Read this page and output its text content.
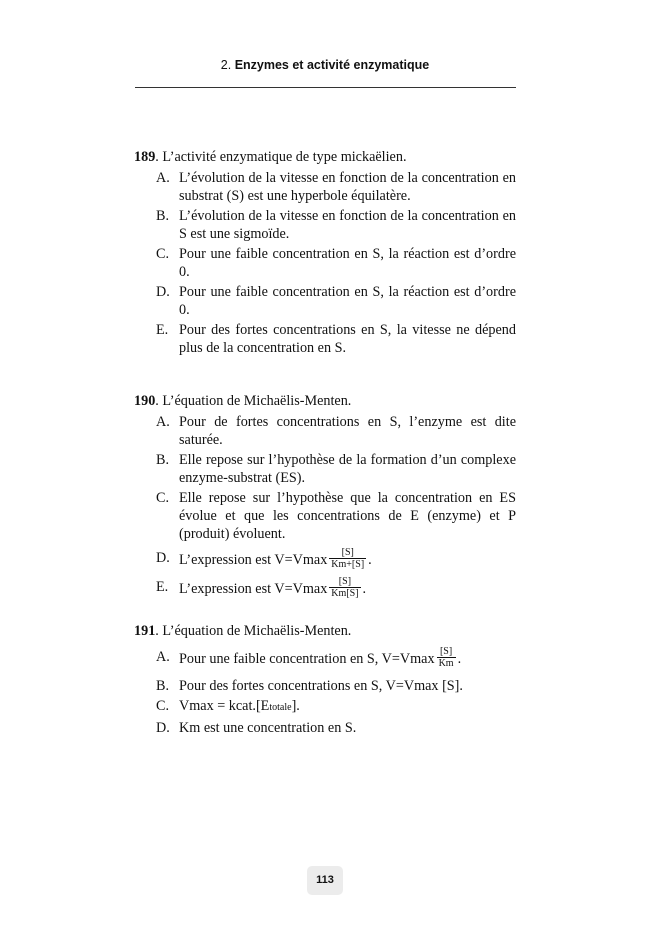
2. Enzymes et activité enzymatique
189. L’activité enzymatique de type mickaëlien.
A. L’évolution de la vitesse en fonction de la concentration en substrat (S) est une hyperbole équilatère.
B. L’évolution de la vitesse en fonction de la concentration en S est une sigmoïde.
C. Pour une faible concentration en S, la réaction est d’ordre 0.
D. Pour une faible concentration en S, la réaction est d’ordre 0.
E. Pour des fortes concentrations en S, la vitesse ne dépend plus de la concentration en S.
190. L’équation de Michaëlis-Menten.
A. Pour de fortes concentrations en S, l’enzyme est dite saturée.
B. Elle repose sur l’hypothèse de la formation d’un complexe enzyme-substrat (ES).
C. Elle repose sur l’hypothèse que la concentration en ES évolue et que les concentrations de E (enzyme) et P (produit) évoluent.
D. L’expression est $V=Vmax \frac{[S]}{Km+[S]}$ .
E. L’expression est $V=Vmax \frac{[S]}{Km[S]}$ .
191. L’équation de Michaëlis-Menten.
A. Pour une faible concentration en S, $V=Vmax \frac{[S]}{Km}$ .
B. Pour des fortes concentrations en S, V=Vmax [S].
C. Vmax = kcat.[Etotale].
D. Km est une concentration en S.
113
